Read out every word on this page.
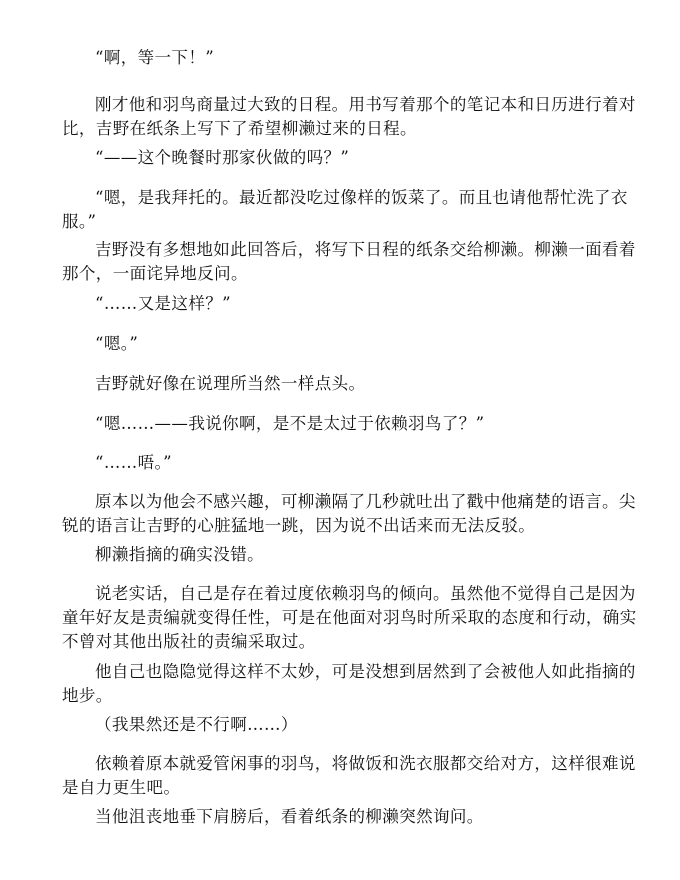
“啊，等一下！”

刚才他和羽鸟商量过大致的日程。用书写着那个的笔记本和日历进行着对比，吉野在纸条上写下了希望柳濑过来的日程。

“——这个晚餐时那家伙做的吗？”

“嗯，是我拜托的。最近都没吃过像样的饭菜了。而且也请他帮忙洗了衣服。”

吉野没有多想地如此回答后，将写下日程的纸条交给柳濑。柳濑一面看着那个，一面诧异地反问。

“……又是这样？”

“嗯。”

吉野就好像在说理所当然一样点头。

“嗯……——我说你啊，是不是太过于依赖羽鸟了？”

“……唔。”

原本以为他会不感兴趣，可柳濑隔了几秒就吐出了戳中他痛楚的语言。尖锐的语言让吉野的心脏猛地一跳，因为说不出话来而无法反驳。

柳濑指摘的确实没错。

说老实话，自己是存在着过度依赖羽鸟的倾向。虽然他不觉得自己是因为童年好友是责编就变得任性，可是在他面对羽鸟时所采取的态度和行动，确实不曾对其他出版社的责编采取过。

他自己也隐隐觉得这样不太妙，可是没想到居然到了会被他人如此指摘的地步。

（我果然还是不行啊……）

依赖着原本就爱管闲事的羽鸟，将做饭和洗衣服都交给对方，这样很难说是自力更生吧。

当他沮丧地垂下肩膀后，看着纸条的柳濑突然询问。
